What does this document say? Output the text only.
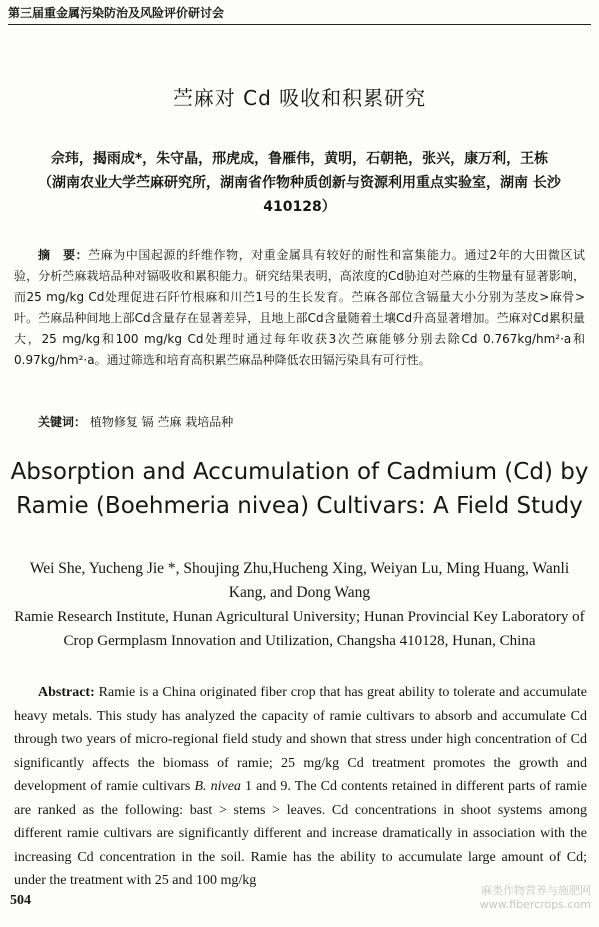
第三届重金属污染防治及风险评价研讨会
苎麻对 Cd 吸收和积累研究
佘玮，揭雨成*，朱守晶，邢虎成，鲁雁伟，黄明，石朝艳，张兴，康万利，王栋
（湖南农业大学苎麻研究所，湖南省作物种质创新与资源利用重点实验室，湖南 长沙
410128）
摘　要：苎麻为中国起源的纤维作物，对重金属具有较好的耐性和富集能力。通过2年的大田微区试验，分析苎麻栽培品种对镉吸收和累积能力。研究结果表明，高浓度的Cd胁迫对苎麻的生物量有显著影响，而25 mg/kg Cd处理促进石阡竹根麻和川苎1号的生长发育。苎麻各部位含镉量大小分别为茎皮>麻骨>叶。苎麻品种间地上部Cd含量存在显著差异，且地上部Cd含量随着土壤Cd升高显著增加。苎麻对Cd累积量大，25 mg/kg和100 mg/kg Cd处理时通过每年收获3次苎麻能够分别去除Cd 0.767kg/hm²·a和0.97kg/hm²·a。通过筛选和培育高积累苎麻品种降低农田镉污染具有可行性。
关键词： 植物修复 镉 苎麻 栽培品种
Absorption and Accumulation of Cadmium (Cd) by
Ramie (Boehmeria nivea) Cultivars: A Field Study
Wei She, Yucheng Jie *, Shoujing Zhu,Hucheng Xing, Weiyan Lu, Ming Huang, Wanli Kang, and Dong Wang
Ramie Research Institute, Hunan Agricultural University; Hunan Provincial Key Laboratory of Crop Germplasm Innovation and Utilization, Changsha 410128, Hunan, China
Abstract: Ramie is a China originated fiber crop that has great ability to tolerate and accumulate heavy metals. This study has analyzed the capacity of ramie cultivars to absorb and accumulate Cd through two years of micro-regional field study and shown that stress under high concentration of Cd significantly affects the biomass of ramie; 25 mg/kg Cd treatment promotes the growth and development of ramie cultivars B. nivea 1 and 9. The Cd contents retained in different parts of ramie are ranked as the following: bast > stems > leaves. Cd concentrations in shoot systems among different ramie cultivars are significantly different and increase dramatically in association with the increasing Cd concentration in the soil. Ramie has the ability to accumulate large amount of Cd; under the treatment with 25 and 100 mg/kg
504
麻类作物营养与施肥网
www.fibercrops.com
